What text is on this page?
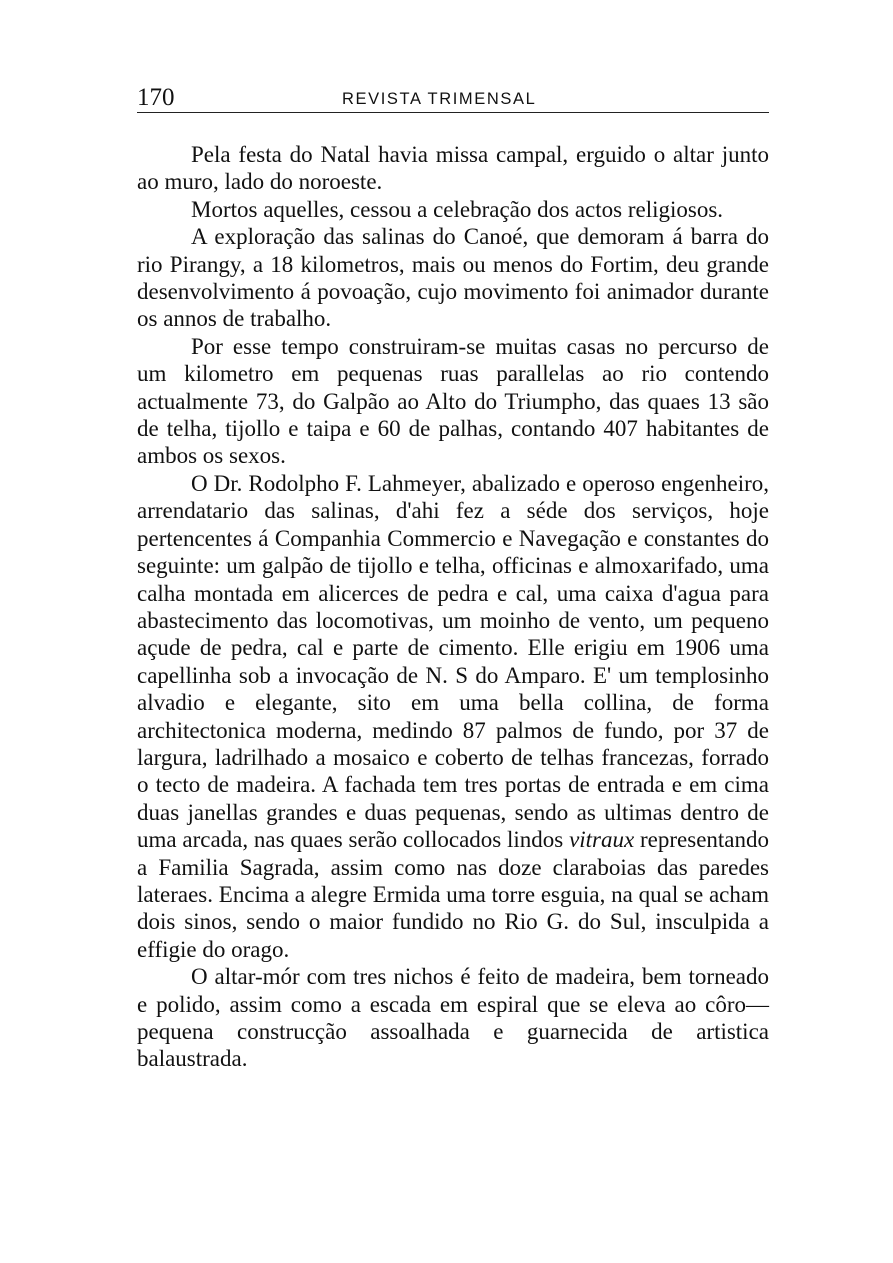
170	REVISTA TRIMENSAL

Pela festa do Natal havia missa campal, erguido o altar junto ao muro, lado do noroeste.

Mortos aquelles, cessou a celebração dos actos religiosos.

A exploração das salinas do Canoé, que demoram á barra do rio Pirangy, a 18 kilometros, mais ou menos do Fortim, deu grande desenvolvimento á povoação, cujo movimento foi animador durante os annos de trabalho.

Por esse tempo construiram-se muitas casas no percurso de um kilometro em pequenas ruas parallelas ao rio contendo actualmente 73, do Galpão ao Alto do Triumpho, das quaes 13 são de telha, tijollo e taipa e 60 de palhas, contando 407 habitantes de ambos os sexos.

O Dr. Rodolpho F. Lahmeyer, abalizado e operoso engenheiro, arrendatario das salinas, d'ahi fez a séde dos serviços, hoje pertencentes á Companhia Commercio e Navegação e constantes do seguinte: um galpão de tijollo e telha, officinas e almoxarifado, uma calha montada em alicerces de pedra e cal, uma caixa d'agua para abastecimento das locomotivas, um moinho de vento, um pequeno açude de pedra, cal e parte de cimento. Elle erigiu em 1906 uma capellinha sob a invocação de N. S do Amparo. E' um templosinho alvadio e elegante, sito em uma bella collina, de forma architectonica moderna, medindo 87 palmos de fundo, por 37 de largura, ladrilhado a mosaico e coberto de telhas francezas, forrado o tecto de madeira. A fachada tem tres portas de entrada e em cima duas janellas grandes e duas pequenas, sendo as ultimas dentro de uma arcada, nas quaes serão collocados lindos vitraux representando a Familia Sagrada, assim como nas doze claraboias das paredes lateraes. Encima a alegre Ermida uma torre esguia, na qual se acham dois sinos, sendo o maior fundido no Rio G. do Sul, insculpida a effigie do orago.

O altar-mór com tres nichos é feito de madeira, bem torneado e polido, assim como a escada em espiral que se eleva ao côro—pequena construcção assoalhada e guarnecida de artistica balaustrada.
